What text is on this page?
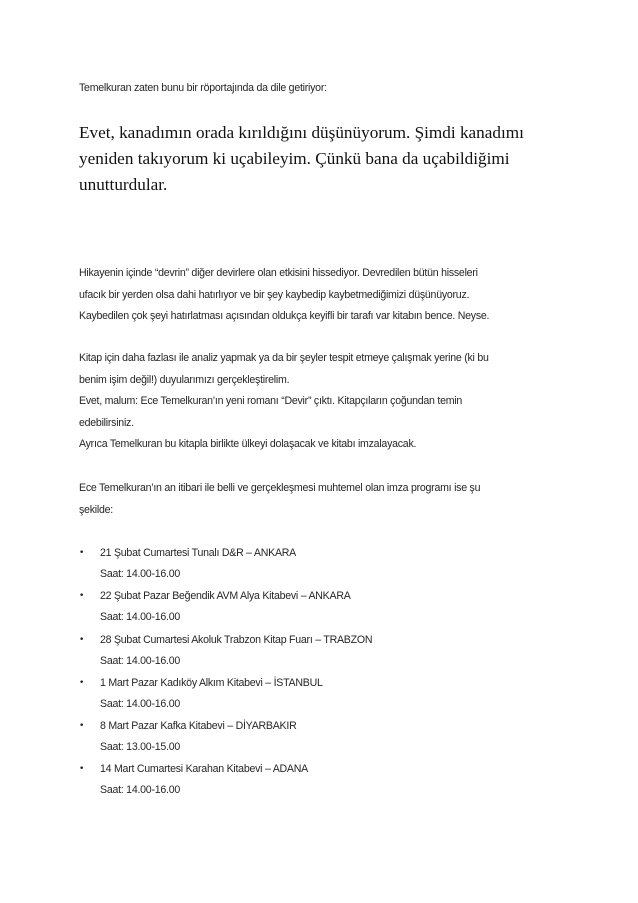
Temelkuran zaten bunu bir röportajında da dile getiriyor:
Evet, kanadımın orada kırıldığını düşünüyorum. Şimdi kanadımı
yeniden takıyorum ki uçabileyim. Çünkü bana da uçabildiğimi
unutturdular.
Hikayenin içinde “devrin” diğer devirlere olan etkisini hissediyor. Devredilen bütün hisseleri
ufacık bir yerden olsa dahi hatırlıyor ve bir şey kaybedip kaybetmediğimizi düşünüyoruz.
Kaybedilen çok şeyi hatırlatması açısından oldukça keyifli bir tarafı var kitabın bence. Neyse.
Kitap için daha fazlası ile analiz yapmak ya da bir şeyler tespit etmeye çalışmak yerine (ki bu
benim işim değil!) duyularımızı gerçekleştirelim.
Evet, malum: Ece Temelkuran’ın yeni romanı “Devir” çıktı. Kitapçıların çoğundan temin
edebilirsiniz.
Ayrıca Temelkuran bu kitapla birlikte ülkeyi dolaşacak ve kitabı imzalayacak.
Ece Temelkuran’ın an itibari ile belli ve gerçekleşmesi muhtemel olan imza programı ise şu
şekilde:
•	21 Şubat Cumartesi Tunalı D&R – ANKARA
Saat: 14.00-16.00
•	22 Şubat Pazar Beğendik AVM Alya Kitabevi – ANKARA
Saat: 14.00-16.00
•	28 Şubat Cumartesi Akoluk Trabzon Kitap Fuarı – TRABZON
Saat: 14.00-16.00
•	1 Mart Pazar Kadıköy Alkım Kitabevi – İSTANBUL
Saat: 14.00-16.00
•	8 Mart Pazar Kafka Kitabevi – DİYARBAKIR
Saat: 13.00-15.00
•	14 Mart Cumartesi Karahan Kitabevi – ADANA
Saat: 14.00-16.00
